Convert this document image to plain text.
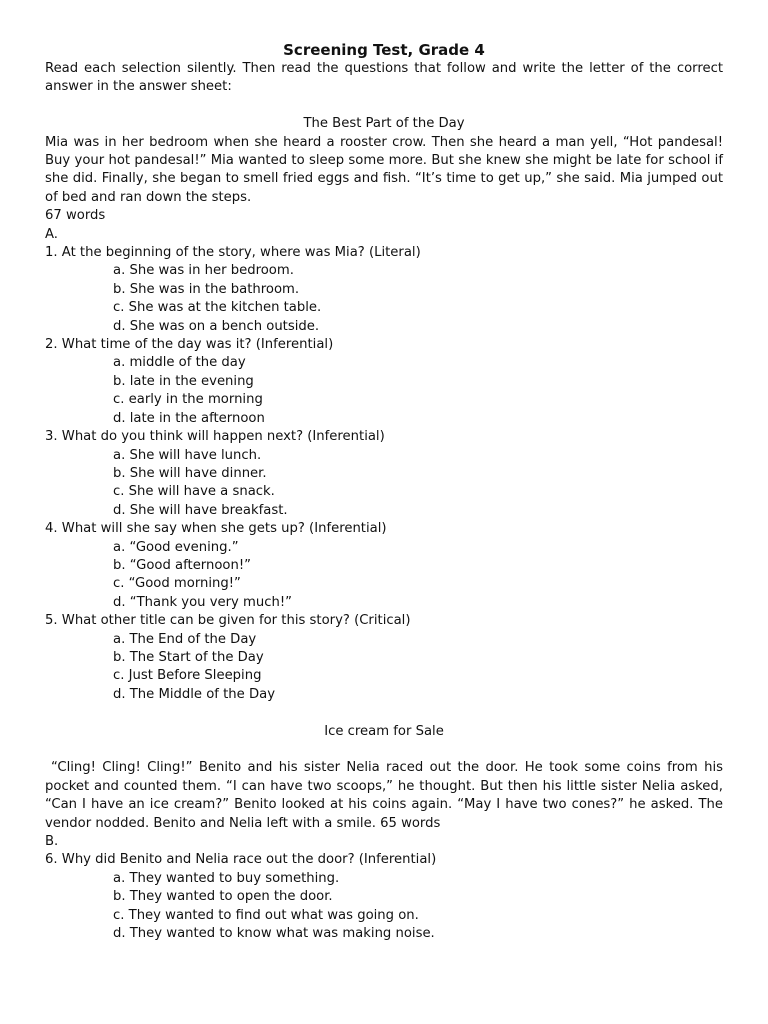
Screening Test, Grade 4

Read each selection silently. Then read the questions that follow and write the letter of the correct answer in the answer sheet:

The Best Part of the Day

Mia was in her bedroom when she heard a rooster crow. Then she heard a man yell, “Hot pandesal! Buy your hot pandesal!” Mia wanted to sleep some more. But she knew she might be late for school if she did. Finally, she began to smell fried eggs and fish. “It’s time to get up,” she said. Mia jumped out of bed and ran down the steps.

67 words

A.

1. At the beginning of the story, where was Mia? (Literal)

a. She was in her bedroom.

b. She was in the bathroom.

c. She was at the kitchen table.

d. She was on a bench outside.

2. What time of the day was it? (Inferential)

a. middle of the day

b. late in the evening

c. early in the morning

d. late in the afternoon

3. What do you think will happen next? (Inferential)

a. She will have lunch.

b. She will have dinner.

c. She will have a snack.

d. She will have breakfast.

4. What will she say when she gets up? (Inferential)

a. “Good evening.”

b. “Good afternoon!”

c. “Good morning!”

d. “Thank you very much!”

5. What other title can be given for this story? (Critical)

a. The End of the Day

b. The Start of the Day

c. Just Before Sleeping

d. The Middle of the Day

Ice cream for Sale

“Cling! Cling! Cling!” Benito and his sister Nelia raced out the door. He took some coins from his pocket and counted them. “I can have two scoops,” he thought. But then his little sister Nelia asked, “Can I have an ice cream?” Benito looked at his coins again. “May I have two cones?” he asked. The vendor nodded. Benito and Nelia left with a smile. 65 words

B.

6. Why did Benito and Nelia race out the door? (Inferential)

a. They wanted to buy something.

b. They wanted to open the door.

c. They wanted to find out what was going on.

d. They wanted to know what was making noise.
